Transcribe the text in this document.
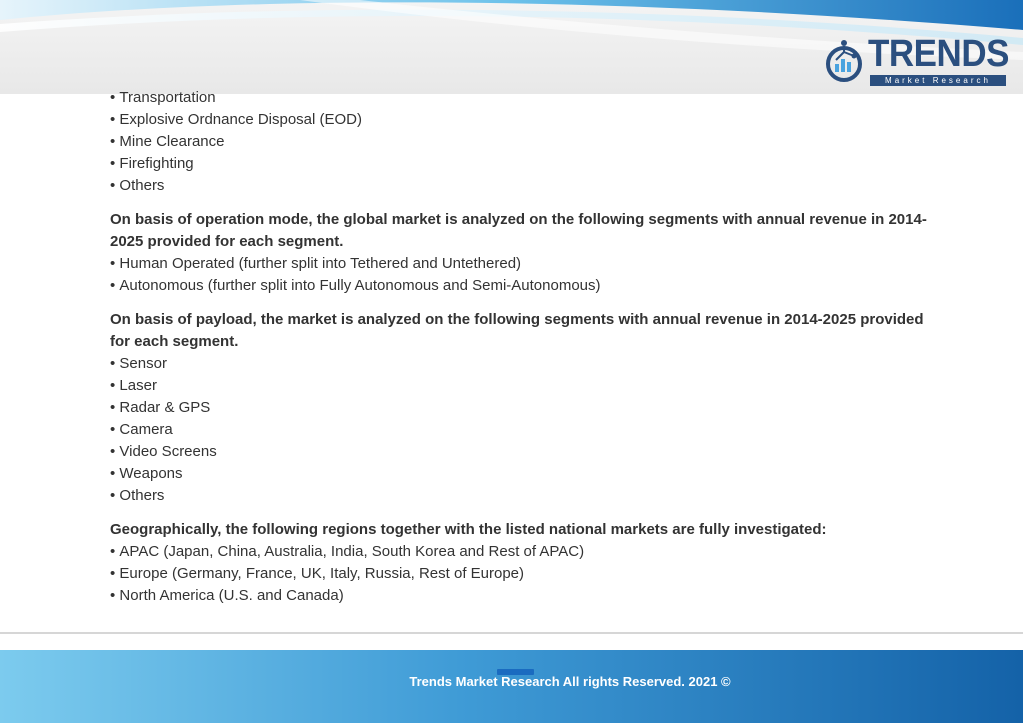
TRENDS
Market Research
• Transportation
• Explosive Ordnance Disposal (EOD)
• Mine Clearance
• Firefighting
• Others

On basis of operation mode, the global market is analyzed on the following segments with annual revenue in 2014-2025 provided for each segment.

• Human Operated (further split into Tethered and Untethered)
• Autonomous (further split into Fully Autonomous and Semi-Autonomous)

On basis of payload, the market is analyzed on the following segments with annual revenue in 2014-2025 provided for each segment.

• Sensor
• Laser
• Radar & GPS
• Camera
• Video Screens
• Weapons
• Others

Geographically, the following regions together with the listed national markets are fully investigated:

• APAC (Japan, China, Australia, India, South Korea and Rest of APAC)
• Europe (Germany, France, UK, Italy, Russia, Rest of Europe)
• North America (U.S. and Canada)
Trends Market Research All rights Reserved. 2021 ©
